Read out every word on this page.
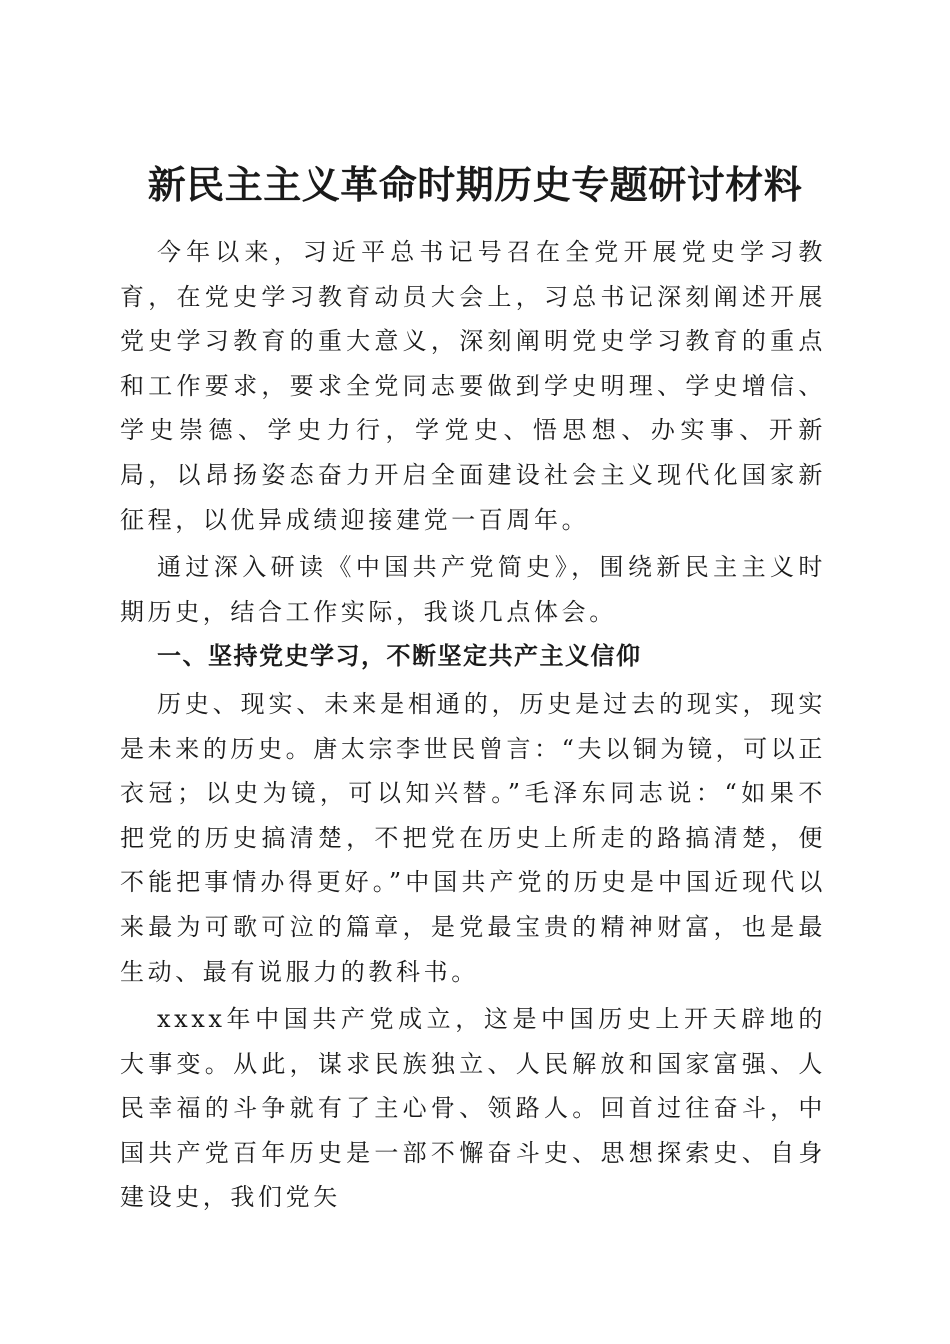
新民主主义革命时期历史专题研讨材料

今年以来，习近平总书记号召在全党开展党史学习教育，在党史学习教育动员大会上，习总书记深刻阐述开展党史学习教育的重大意义，深刻阐明党史学习教育的重点和工作要求，要求全党同志要做到学史明理、学史增信、学史崇德、学史力行，学党史、悟思想、办实事、开新局，以昂扬姿态奋力开启全面建设社会主义现代化国家新征程，以优异成绩迎接建党一百周年。

通过深入研读《中国共产党简史》，围绕新民主主义时期历史，结合工作实际，我谈几点体会。

一、坚持党史学习，不断坚定共产主义信仰

历史、现实、未来是相通的，历史是过去的现实，现实是未来的历史。唐太宗李世民曾言：“夫以铜为镜，可以正衣冠；以史为镜，可以知兴替。”毛泽东同志说：“如果不把党的历史搞清楚，不把党在历史上所走的路搞清楚，便不能把事情办得更好。”中国共产党的历史是中国近现代以来最为可歌可泣的篇章，是党最宝贵的精神财富，也是最生动、最有说服力的教科书。

xxxx年中国共产党成立，这是中国历史上开天辟地的大事变。从此，谋求民族独立、人民解放和国家富强、人民幸福的斗争就有了主心骨、领路人。回首过往奋斗，中国共产党百年历史是一部不懈奋斗史、思想探索史、自身建设史，我们党矢
